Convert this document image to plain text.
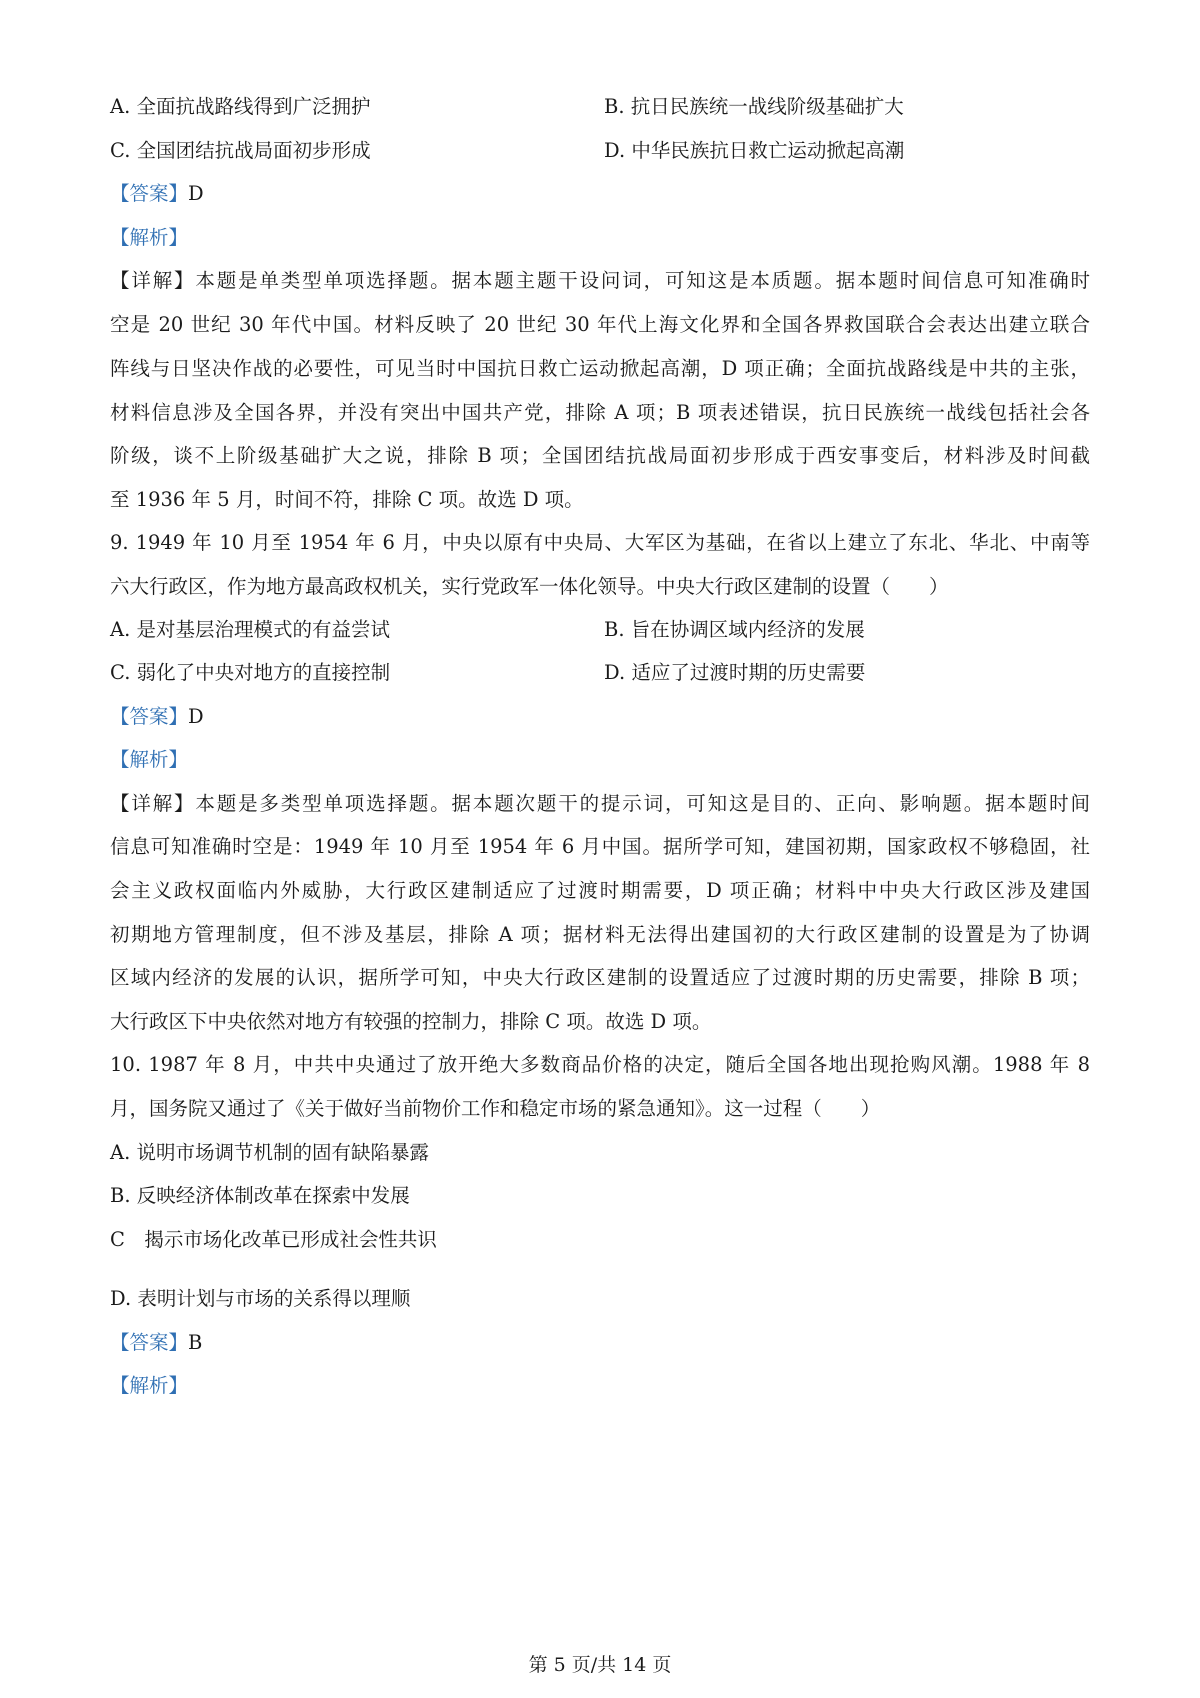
A. 全面抗战路线得到广泛拥护	B. 抗日民族统一战线阶级基础扩大
C. 全国团结抗战局面初步形成	D. 中华民族抗日救亡运动掀起高潮
【答案】D
【解析】
【详解】本题是单类型单项选择题。据本题主题干设问词，可知这是本质题。据本题时间信息可知准确时
空是 20 世纪 30 年代中国。材料反映了 20 世纪 30 年代上海文化界和全国各界救国联合会表达出建立联合
阵线与日坚决作战的必要性，可见当时中国抗日救亡运动掀起高潮，D 项正确；全面抗战路线是中共的主张，
材料信息涉及全国各界，并没有突出中国共产党，排除 A 项；B 项表述错误，抗日民族统一战线包括社会各
阶级，谈不上阶级基础扩大之说，排除 B 项；全国团结抗战局面初步形成于西安事变后，材料涉及时间截
至 1936 年 5 月，时间不符，排除 C 项。故选 D 项。
9. 1949 年 10 月至 1954 年 6 月，中央以原有中央局、大军区为基础，在省以上建立了东北、华北、中南等
六大行政区，作为地方最高政权机关，实行党政军一体化领导。中央大行政区建制的设置（　　）
A. 是对基层治理模式的有益尝试	B. 旨在协调区域内经济的发展
C. 弱化了中央对地方的直接控制	D. 适应了过渡时期的历史需要
【答案】D
【解析】
【详解】本题是多类型单项选择题。据本题次题干的提示词，可知这是目的、正向、影响题。据本题时间
信息可知准确时空是：1949 年 10 月至 1954 年 6 月中国。据所学可知，建国初期，国家政权不够稳固，社
会主义政权面临内外威胁，大行政区建制适应了过渡时期需要，D 项正确；材料中中央大行政区涉及建国
初期地方管理制度，但不涉及基层，排除 A 项；据材料无法得出建国初的大行政区建制的设置是为了协调
区域内经济的发展的认识，据所学可知，中央大行政区建制的设置适应了过渡时期的历史需要，排除 B 项；
大行政区下中央依然对地方有较强的控制力，排除 C 项。故选 D 项。
10. 1987 年 8 月，中共中央通过了放开绝大多数商品价格的决定，随后全国各地出现抢购风潮。1988 年 8
月，国务院又通过了《关于做好当前物价工作和稳定市场的紧急通知》。这一过程（　　）
A. 说明市场调节机制的固有缺陷暴露
B. 反映经济体制改革在探索中发展
C　揭示市场化改革已形成社会性共识
D. 表明计划与市场的关系得以理顺
【答案】B
【解析】
第 5 页/共 14 页
